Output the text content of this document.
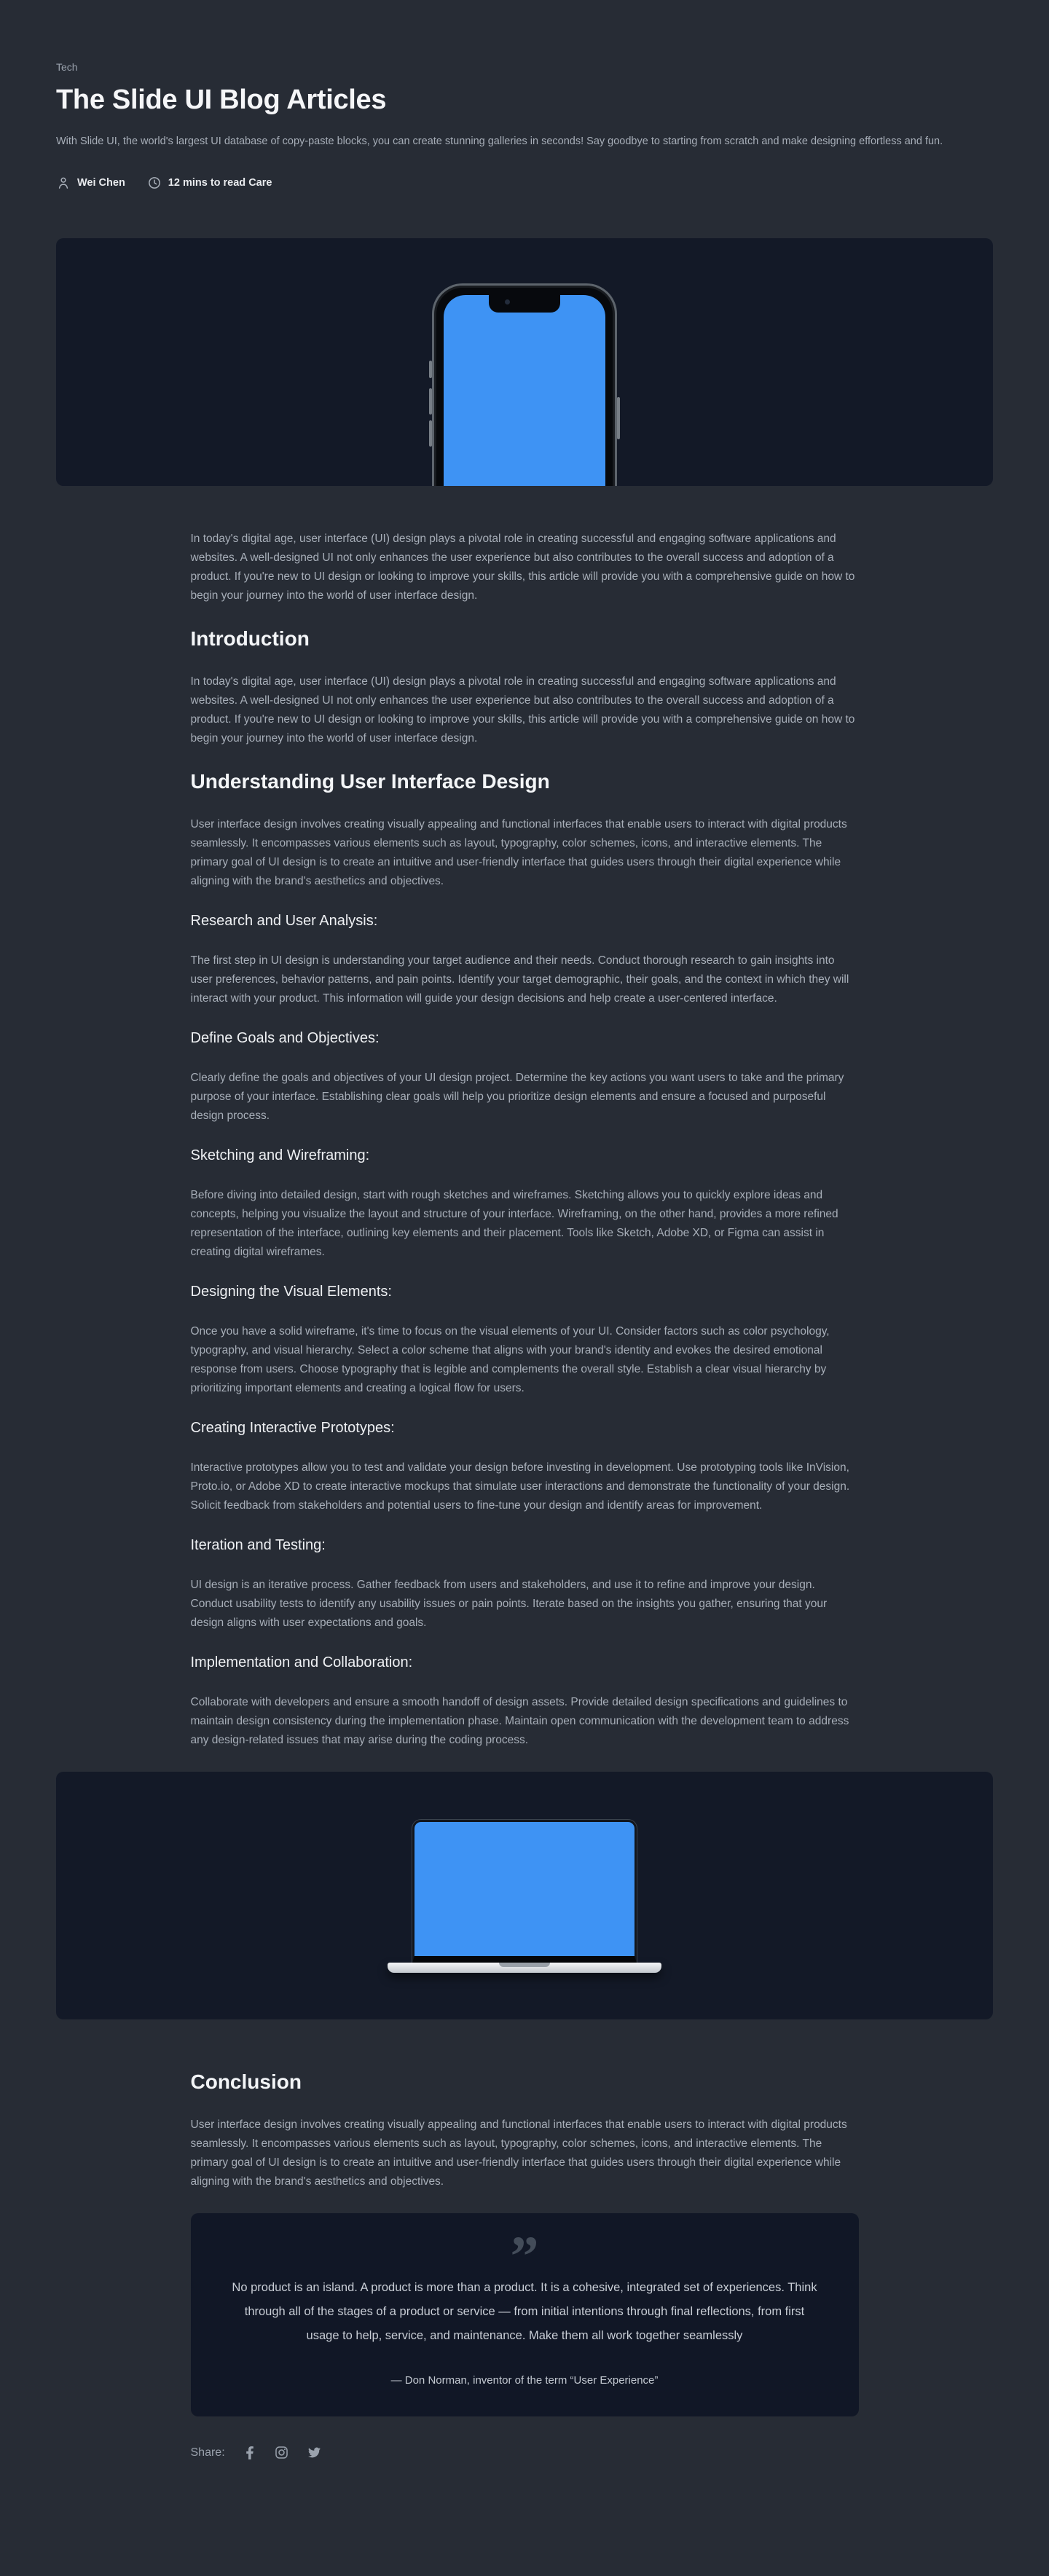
Tech
The Slide UI Blog Articles

With Slide UI, the world's largest UI database of copy-paste blocks, you can create stunning galleries in seconds! Say goodbye to starting from scratch and make designing effortless and fun.

Wei Chen	12 mins to read Care

In today's digital age, user interface (UI) design plays a pivotal role in creating successful and engaging software applications and websites. A well-designed UI not only enhances the user experience but also contributes to the overall success and adoption of a product. If you're new to UI design or looking to improve your skills, this article will provide you with a comprehensive guide on how to begin your journey into the world of user interface design.

Introduction

In today's digital age, user interface (UI) design plays a pivotal role in creating successful and engaging software applications and websites. A well-designed UI not only enhances the user experience but also contributes to the overall success and adoption of a product. If you're new to UI design or looking to improve your skills, this article will provide you with a comprehensive guide on how to begin your journey into the world of user interface design.

Understanding User Interface Design

User interface design involves creating visually appealing and functional interfaces that enable users to interact with digital products seamlessly. It encompasses various elements such as layout, typography, color schemes, icons, and interactive elements. The primary goal of UI design is to create an intuitive and user-friendly interface that guides users through their digital experience while aligning with the brand's aesthetics and objectives.

Research and User Analysis:

The first step in UI design is understanding your target audience and their needs. Conduct thorough research to gain insights into user preferences, behavior patterns, and pain points. Identify your target demographic, their goals, and the context in which they will interact with your product. This information will guide your design decisions and help create a user-centered interface.

Define Goals and Objectives:

Clearly define the goals and objectives of your UI design project. Determine the key actions you want users to take and the primary purpose of your interface. Establishing clear goals will help you prioritize design elements and ensure a focused and purposeful design process.

Sketching and Wireframing:

Before diving into detailed design, start with rough sketches and wireframes. Sketching allows you to quickly explore ideas and concepts, helping you visualize the layout and structure of your interface. Wireframing, on the other hand, provides a more refined representation of the interface, outlining key elements and their placement. Tools like Sketch, Adobe XD, or Figma can assist in creating digital wireframes.

Designing the Visual Elements:

Once you have a solid wireframe, it's time to focus on the visual elements of your UI. Consider factors such as color psychology, typography, and visual hierarchy. Select a color scheme that aligns with your brand's identity and evokes the desired emotional response from users. Choose typography that is legible and complements the overall style. Establish a clear visual hierarchy by prioritizing important elements and creating a logical flow for users.

Creating Interactive Prototypes:

Interactive prototypes allow you to test and validate your design before investing in development. Use prototyping tools like InVision, Proto.io, or Adobe XD to create interactive mockups that simulate user interactions and demonstrate the functionality of your design. Solicit feedback from stakeholders and potential users to fine-tune your design and identify areas for improvement.

Iteration and Testing:

UI design is an iterative process. Gather feedback from users and stakeholders, and use it to refine and improve your design. Conduct usability tests to identify any usability issues or pain points. Iterate based on the insights you gather, ensuring that your design aligns with user expectations and goals.

Implementation and Collaboration:

Collaborate with developers and ensure a smooth handoff of design assets. Provide detailed design specifications and guidelines to maintain design consistency during the implementation phase. Maintain open communication with the development team to address any design-related issues that may arise during the coding process.

Conclusion

User interface design involves creating visually appealing and functional interfaces that enable users to interact with digital products seamlessly. It encompasses various elements such as layout, typography, color schemes, icons, and interactive elements. The primary goal of UI design is to create an intuitive and user-friendly interface that guides users through their digital experience while aligning with the brand's aesthetics and objectives.

”

No product is an island. A product is more than a product. It is a cohesive, integrated set of experiences. Think through all of the stages of a product or service — from initial intentions through final reflections, from first usage to help, service, and maintenance. Make them all work together seamlessly

— Don Norman, inventor of the term “User Experience”

Share:
